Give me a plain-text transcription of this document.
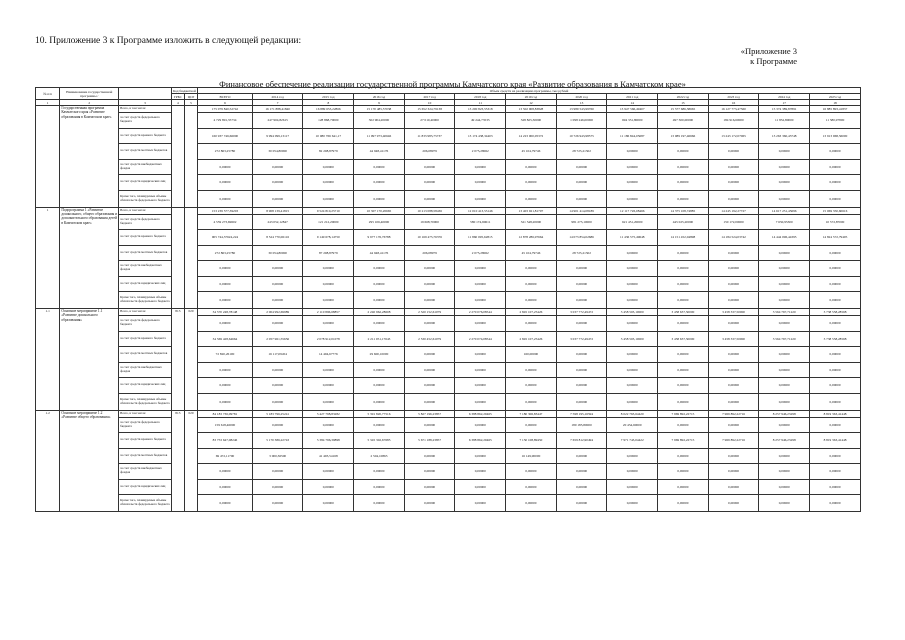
10. Приложение 3 к Программе изложить в следующей редакции:
«Приложение 3
к Программе
Финансовое обеспечение реализации государственной программы Камчатского края «Развитие образования в Камчатском крае»
№ п/п	Наименование государственной программы /		Код бюджетной		Объем средств на реализацию программы, тыс.рублей												
			ГРБС	ЦСР	ВСЕГО	2014 год	2015 год	2016 год	2017 год	2018 год	2019 год	2020 год	2021 год	2022 год	2023 год	2024 год	2025 год
1	2	3	4	5	6	7	8	9	10	11	12	13	14	15	16	17	18
	Государственная программа Камчатского края «Развитие образования в Камчатском крае»	Всего, в том числе:			175 079 840,52742	16 171 888,41840	16 889 653,22866	15 170 485,57038	15 652 324,79138	13 200 823,55318	13 502 908,83828	13 989 543,99760	13 947 566,49407	15 577 686,38665	16 127 773,47560	15 374 389,87891	16 885 893,41837
		за счет средств федерального бюджета			4 729 891,35734	247 904,82615	128 868,70000	302 904,20000	27 010,40000	49 244,73535	328 825,30000	1 098 246,00000	694 331,80000	497 300,00000	184 916,60000	11 832,80000	11 580,97800
		за счет средств краевого бюджета			160 937 746,66000	9 994 099,13117	10 080 766 641,17	11 097 973,40646	11 833 985,75737	13 174 438,34403	14 223 000,05372	10 726 943,98575	11 186 844,05687	13 089 197,46666	13 243 172,07065	13 263 360,43748	13 913 968,56000
		за счет средств местных бюджетов			272 863,25780	30 054,80000	82 208,87979	44 948,41176	206,08979	2 075,28062	45 104,79746	28 725,21502	0,00000	0,00000	0,00000	0,00000	0,00000
		за счет средств внебюджетных фондов			0,00000	0,00000	0,00000	0,00000	0,00000	0,00000	0,00000	0,00000	0,00000	0,00000	0,00000	0,00000	0,00000
		за счет средств юридических лиц			0,00000	0,00000	0,00000	0,00000	0,00000	0,00000	0,00000	0,00000	0,00000	0,00000	0,00000	0,00000	0,00000
		Кроме того, планируемые объемы обязательств федерального бюджета			0,00000	0,00000	0,00000	0,00000	0,00000	0,00000	0,00000	0,00000	0,00000	0,00000	0,00000	0,00000	0,00000
1	Подпрограмма 1 «Развитие дошкольного, общего образования и дополнительного образования детей в Камчатском крае»	Всего, в том числе:			153 239 577,39203	8 908 139,41815	9 524 810,25710	10 307 170,20665	10 213 088,58436	12 010 413,53146	13 403 921,81707	14 901 414,08189	12 117 726,08466	14 375 108,74885	14 245 192,27727	14 617 231,45696	15 069 350,60616
		за счет средств федерального бюджета			4 559 273,69602	243 052,12847	121 212,20000	295 106,40000	19 668,70000	580 174,90611	321 548,20000	981 273,10000	621 451,20000	445 025,20000	150 172,00000	7 650,95300	10 572,87000
		за счет средств краевого бюджета			905 744,37624,224	8 524 770,06116	9 149 678,14750	9 977 176,76788	10 169 475,76376	11 860 095,62815	12 878 286,97664	14 073 854,02686	11 436 575,49648	14 151 452,04898	14 184 524,03742	14 444 096,44395	14 824 572,79405
		за счет средств местных бюджетов			272 863,25780	30 054,80000	87 208,87979	44 948,41176	206,08979	2 075,28062	45 104,79746	28 725,21502	0,00000	0,00000	0,00000	0,00000	0,00000
		за счет средств внебюджетных фондов			0,00000	0,00000	0,00000	0,00000	0,00000	0,00000	0,00000	0,00000	0,00000	0,00000	0,00000	0,00000	0,00000
		за счет средств юридических лиц			0,00000	0,00000	0,00000	0,00000	0,00000	0,00000	0,00000	0,00000	0,00000	0,00000	0,00000	0,00000	0,00000
		Кроме того, планируемые объемы обязательств федерального бюджета			0,00000	0,00000	0,00000	0,00000	0,00000	0,00000	0,00000	0,00000	0,00000	0,00000	0,00000	0,00000	0,00000
1.1	Основное мероприятие 1.1 «Развитие дошкольного образования»	Всего, в том числе:	813	020	34 570 248,78148	2 004 992,69989	2 110 896,68857	2 240 962,28608	2 320 152,61079	2 270 076,08544	2 845 107,25426	3 037 772,49472	3 458 503,10000	3 458 637,50000	3 458 337,50000	3 564 767,71220	3 738 558,28568
		за счет средств федерального бюджета			0,00000	0,00000	0,00000	0,00000	0,00000	0,00000	0,00000	0,00000	0,00000	0,00000	0,00000	0,00000	0,00000
		за счет средств краевого бюджета			34 569 428,64664	2 057 961,55656	2 078 912,01078	2 211 051,17643	2 530 452,61079	2 270 074,08544	2 845 107,25426	3 037 772,49472	3 458 503,10000	3 458 637,50000	3 458 337,50000	3 564 767,71220	3 738 558,28568
		за счет средств местных бюджетов			72 820,26100	16 117,09454	14 494,67776	29 600,10000	0,00000	0,00000	160,00000	0,00000	0,00000	0,00000	0,00000	0,00000	0,00000
		за счет средств внебюджетных фондов			0,00000	0,00000	0,00000	0,00000	0,00000	0,00000	0,00000	0,00000	0,00000	0,00000	0,00000	0,00000	0,00000
		за счет средств юридических лиц			0,00000	0,00000	0,00000	0,00000	0,00000	0,00000	0,00000	0,00000	0,00000	0,00000	0,00000	0,00000	0,00000
		Кроме того, планируемые объемы обязательств федерального бюджета			0,00000	0,00000	0,00000	0,00000	0,00000	0,00000	0,00000	0,00000	0,00000	0,00000	0,00000	0,00000	0,00000
1.2	Основное мероприятие 1.2 «Развитие общего образования»	Всего, в том числе:	813	020	84 183 736,09781	5 183 796,25241	5 427 798,83282	5 391 820,77516	5 827 196,23857	6 388 862,29465	7 180 306,83447	7 598 195,16594	8 022 763,64420	7 969 892,22715	7 969 892,22716	8 257 946,23298	8 819 363,41448
		за счет средств федерального бюджета			159 618,46000	0,00000	0,00000	0,00000	0,00000	0,00000	0,00000	180 185,80000	20 454,60000	0,00000	0,00000	0,00000	0,00000
		за счет средств краевого бюджета			83 753 647,08246	5 170 386,22743	5 384 796,39898	5 345 302,67685	5 671 188,23857	6 388 862,29465	7 150 108,89450	7 659 812,90494	7 971 743,04422	7 969 892,22715	7 969 892,22716	8 257 946,23298	8 819 363,41448
		за счет средств местных бюджетов			69 472,11700	3 000,36500	41 493,54168	2 504,10863	0,00000	0,00000	16 149,90000	0,00000	0,00000	0,00000	0,00000	0,00000	0,00000
		за счет средств внебюджетных фондов			0,00000	0,00000	0,00000	0,00000	0,00000	0,00000	0,00000	0,00000	0,00000	0,00000	0,00000	0,00000	0,00000
		за счет средств юридических лиц			0,00000	0,00000	0,00000	0,00000	0,00000	0,00000	0,00000	0,00000	0,00000	0,00000	0,00000	0,00000	0,00000
		Кроме того, планируемые объемы обязательств федерального бюджета			0,00000	0,00000	0,00000	0,00000	0,00000	0,00000	0,00000	0,00000	0,00000	0,00000	0,00000	0,00000	0,00000
